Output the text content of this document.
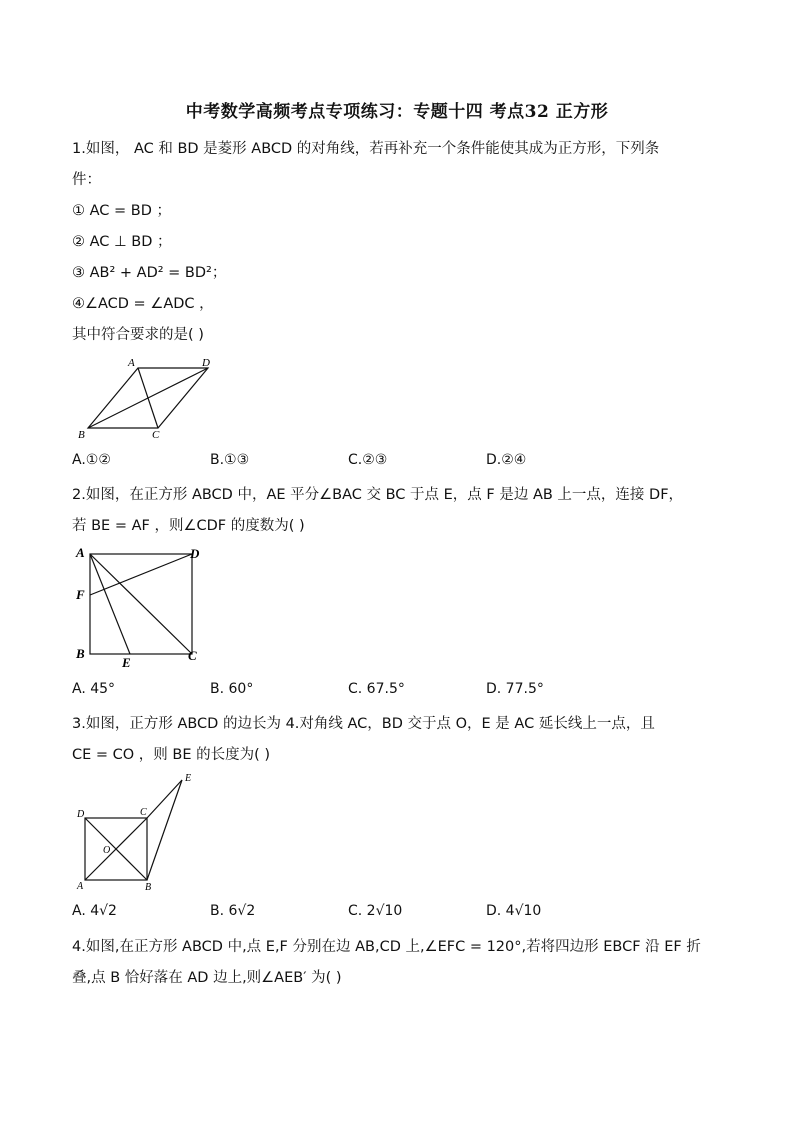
中考数学高频考点专项练习：专题十四 考点32 正方形
1.如图， AC 和 BD 是菱形 ABCD 的对角线，若再补充一个条件能使其成为正方形，下列条
件：
① AC = BD ；
② AC ⊥ BD ；
③ AB² + AD² = BD²；
④∠ACD = ∠ADC ，
其中符合要求的是( )
A	D
B	C
A.①②	B.①③	C.②③	D.②④
2.如图，在正方形 ABCD 中，AE 平分∠BAC 交 BC 于点 E，点 F 是边 AB 上一点，连接 DF，
若 BE = AF ，则∠CDF 的度数为( )
A	D
F
B
E	C
A. 45°	B. 60°	C. 67.5°	D. 77.5°
3.如图，正方形 ABCD 的边长为 4.对角线 AC，BD 交于点 O，E 是 AC 延长线上一点，且
CE = CO ，则 BE 的长度为( )
E
D	C
O
A	B
A. 4√2	B. 6√2	C. 2√10	D. 4√10
4.如图,在正方形 ABCD 中,点 E,F 分别在边 AB,CD 上,∠EFC = 120°,若将四边形 EBCF 沿 EF 折
叠,点 B 恰好落在 AD 边上,则∠AEB′ 为( )
